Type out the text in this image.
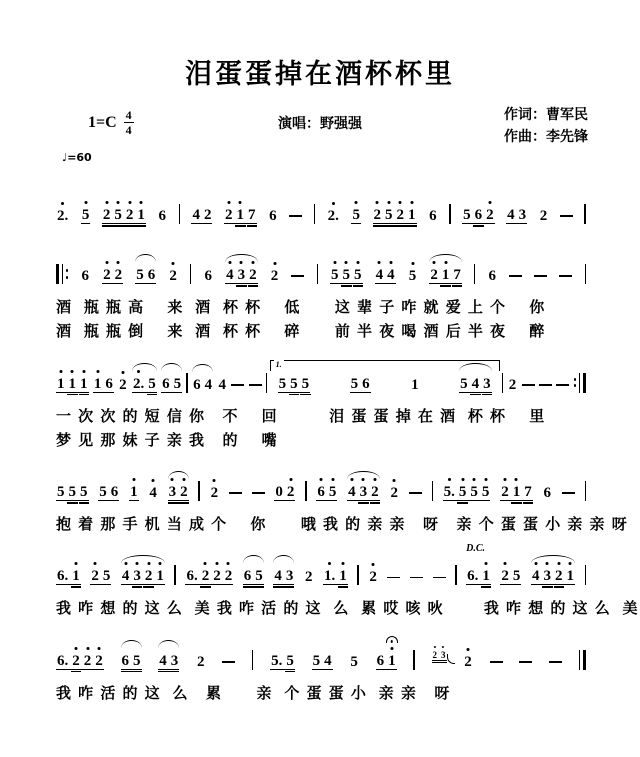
泪蛋蛋掉在酒杯杯里
$1=C \frac{4}{4}$	演唱：野强强
作词：曹军民
作曲：李先锋
♩=60
2. 5 2 5 2 1 6 4 2 2 1 7 6	2. 5 2 5 2 1 6 5 6 2 4 3 2
6 2 2 5 6 2 6 4 3 2 2	5 5 5 4 4 5 2 1 7 6
酒  瓶 瓶 高    来  酒  杯 杯    低      这 辈 子 咋 就 爱 上 个    你
酒  瓶 瓶 倒    来  酒  杯 杯    碎      前 半 夜 喝 酒 后 半 夜    醉
1 1 1 1 6 2 2. 5 6 5 6 4 4
1.
5 5 5	5 6	1	5 4 3 2
一 次 次 的 短 信 你   不    回         泪 蛋 蛋 掉 在 酒  杯 杯    里
梦 见 那 妹 子 亲 我   的    嘴
5 5 5 5 6 1 4 3 2 2	0 2 6 5 4 3 2 2	5. 5 5 5 2 1 7 6
抱 着 那 手 机 当 成 个    你      哦 我 的 亲 亲   呀   亲 个 蛋 蛋 小 亲 亲 呀
6. 1 2 5 4 3 2 1 6. 2 2 2 6 5 4 3 2 1. 1 2
D.C.
6. 1 2 5 4 3 2 1
我 咋 想 的 这 么  美 我 咋 活 的 这  么  累 哎 咳 吙       我 咋 想 的 这 么  美
6. 2 2 2 6 5 4 3 2	5. 5 5 4 5 6 1	2 3 2
我 咋 活 的 这  么   累      亲  个 蛋 蛋 小  亲 亲   呀
